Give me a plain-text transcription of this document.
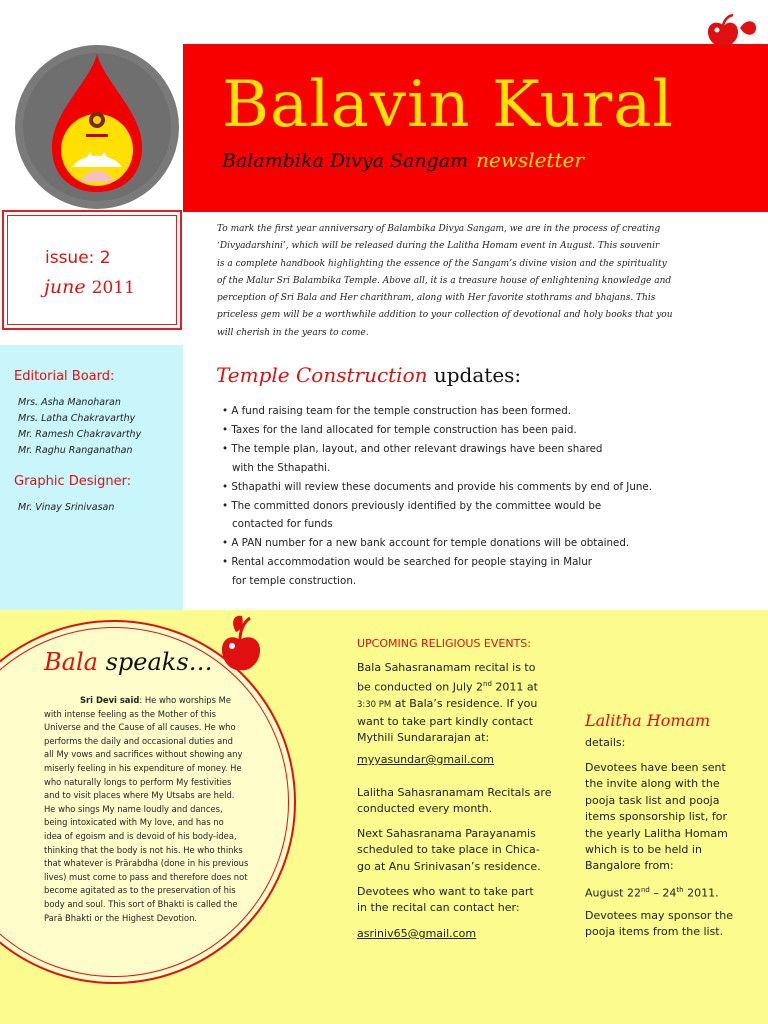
Balavin Kural
Balambika Divya Sangam newsletter
issue: 2
june 2011
Editorial Board:
Mrs. Asha Manoharan
Mrs. Latha Chakravarthy
Mr. Ramesh Chakravarthy
Mr. Raghu Ranganathan
Graphic Designer:
Mr. Vinay Srinivasan

To mark the first year anniversary of Balambika Divya Sangam, we are in the process of creating

‘Divyadarshini’, which will be released during the Lalitha Homam event in August. This souvenir

is a complete handbook highlighting the essence of the Sangam’s divine vision and the spirituality

of the Malur Sri Balambika Temple. Above all, it is a treasure house of enlightening knowledge and

perception of Sri Bala and Her charithram, along with Her favorite stothrams and bhajans. This

priceless gem will be a worthwhile addition to your collection of devotional and holy books that you

will cherish in the years to come.

Temple Construction updates:
• A fund raising team for the temple construction has been formed.
• Taxes for the land allocated for temple construction has been paid.
• The temple plan, layout, and other relevant drawings have been shared
with the Sthapathi.
• Sthapathi will review these documents and provide his comments by end of June.
• The committed donors previously identified by the committee would be
contacted for funds
• A PAN number for a new bank account for temple donations will be obtained.
• Rental accommodation would be searched for people staying in Malur
for temple construction.
Bala speaks…

Sri Devi said: He who worships Me

with intense feeling as the Mother of this

Universe and the Cause of all causes. He who

performs the daily and occasional duties and

all My vows and sacrifices without showing any

miserly feeling in his expenditure of money. He

who naturally longs to perform My festivities

and to visit places where My Utsabs are held.

He who sings My name loudly and dances,

being intoxicated with My love, and has no

idea of egoism and is devoid of his body-idea,

thinking that the body is not his. He who thinks

that whatever is Prārabdha (done in his previous

lives) must come to pass and therefore does not

become agitated as to the preservation of his

body and soul. This sort of Bhakti is called the

Parā Bhakti or the Highest Devotion.

UPCOMING RELIGIOUS EVENTS:

Bala Sahasranamam recital is to

be conducted on July 2nd 2011 at

3:30 PM at Bala’s residence. If you

want to take part kindly contact

Mythili Sundararajan at:

myyasundar@gmail.com

Lalitha Sahasranamam Recitals are

conducted every month.

Next Sahasranama Parayanamis

scheduled to take place in Chica-

go at Anu Srinivasan’s residence.

Devotees who want to take part

in the recital can contact her:

asriniv65@gmail.com
Lalitha Homam
details:

Devotees have been sent

the invite along with the

pooja task list and pooja

items sponsorship list, for

the yearly Lalitha Homam

which is to be held in

Bangalore from:

August 22nd – 24th 2011.

Devotees may sponsor the

pooja items from the list.
